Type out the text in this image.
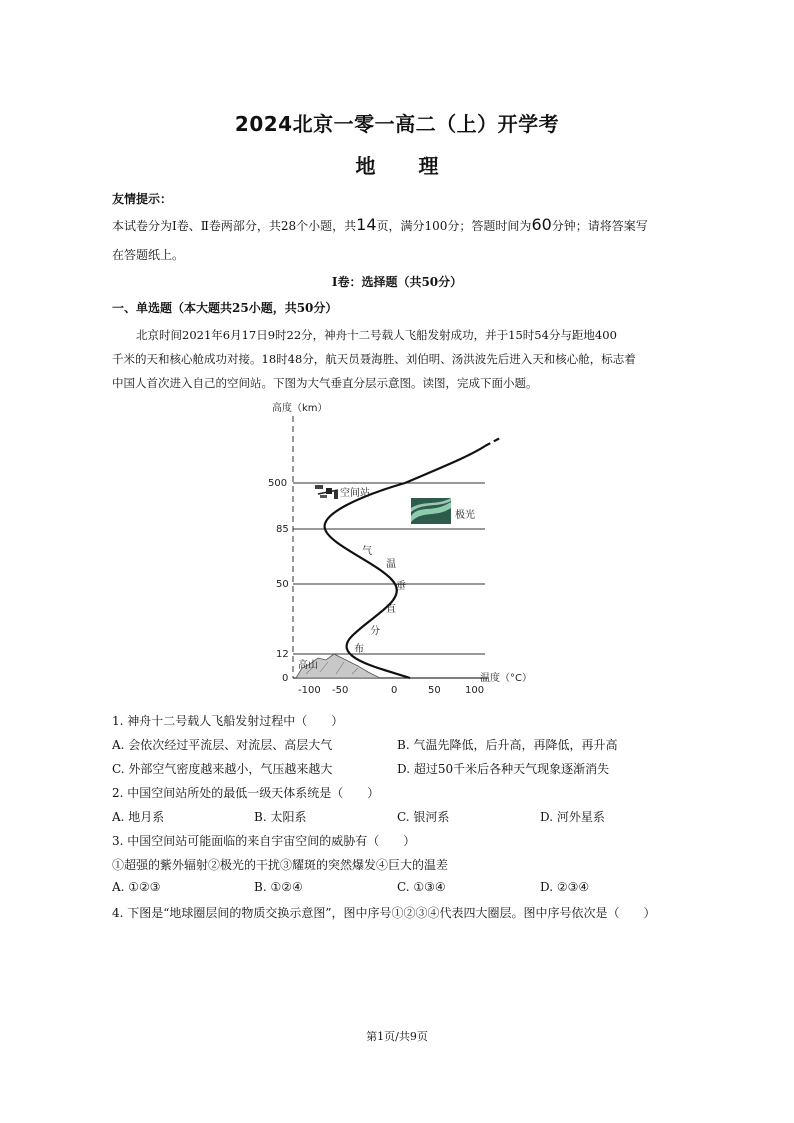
2024北京一零一高二（上）开学考
地 理
友情提示：
本试卷分为Ⅰ卷、Ⅱ卷两部分，共28个小题，共14页，满分100分；答题时间为60分钟；请将答案写
在答题纸上。
Ⅰ卷：选择题（共50分）
一、单选题（本大题共25小题，共50分）
北京时间2021年6月17日9时22分，神舟十二号载人飞船发射成功，并于15时54分与距地400
千米的天和核心舱成功对接。18时48分，航天员聂海胜、刘伯明、汤洪波先后进入天和核心舱，标志着
中国人首次进入自己的空间站。下图为大气垂直分层示意图。读图，完成下面小题。
高度（km）
温度（°C）
500
85
50
12
0
-100 -50	0	50 100
高山
气
温
垂
直
分
布
空间站
极光
1. 神舟十二号载人飞船发射过程中（　　）
A. 会依次经过平流层、对流层、高层大气	B. 气温先降低，后升高，再降低，再升高
C. 外部空气密度越来越小，气压越来越大	D. 超过50千米后各种天气现象逐渐消失
2. 中国空间站所处的最低一级天体系统是（　　）
A. 地月系	B. 太阳系	C. 银河系	D. 河外星系
3. 中国空间站可能面临的来自宇宙空间的威胁有（　　）
①超强的紫外辐射②极光的干扰③耀斑的突然爆发④巨大的温差
A. ①②③	B. ①②④	C. ①③④	D. ②③④
4. 下图是“地球圈层间的物质交换示意图”，图中序号①②③④代表四大圈层。图中序号依次是（　　）
第1页/共9页
